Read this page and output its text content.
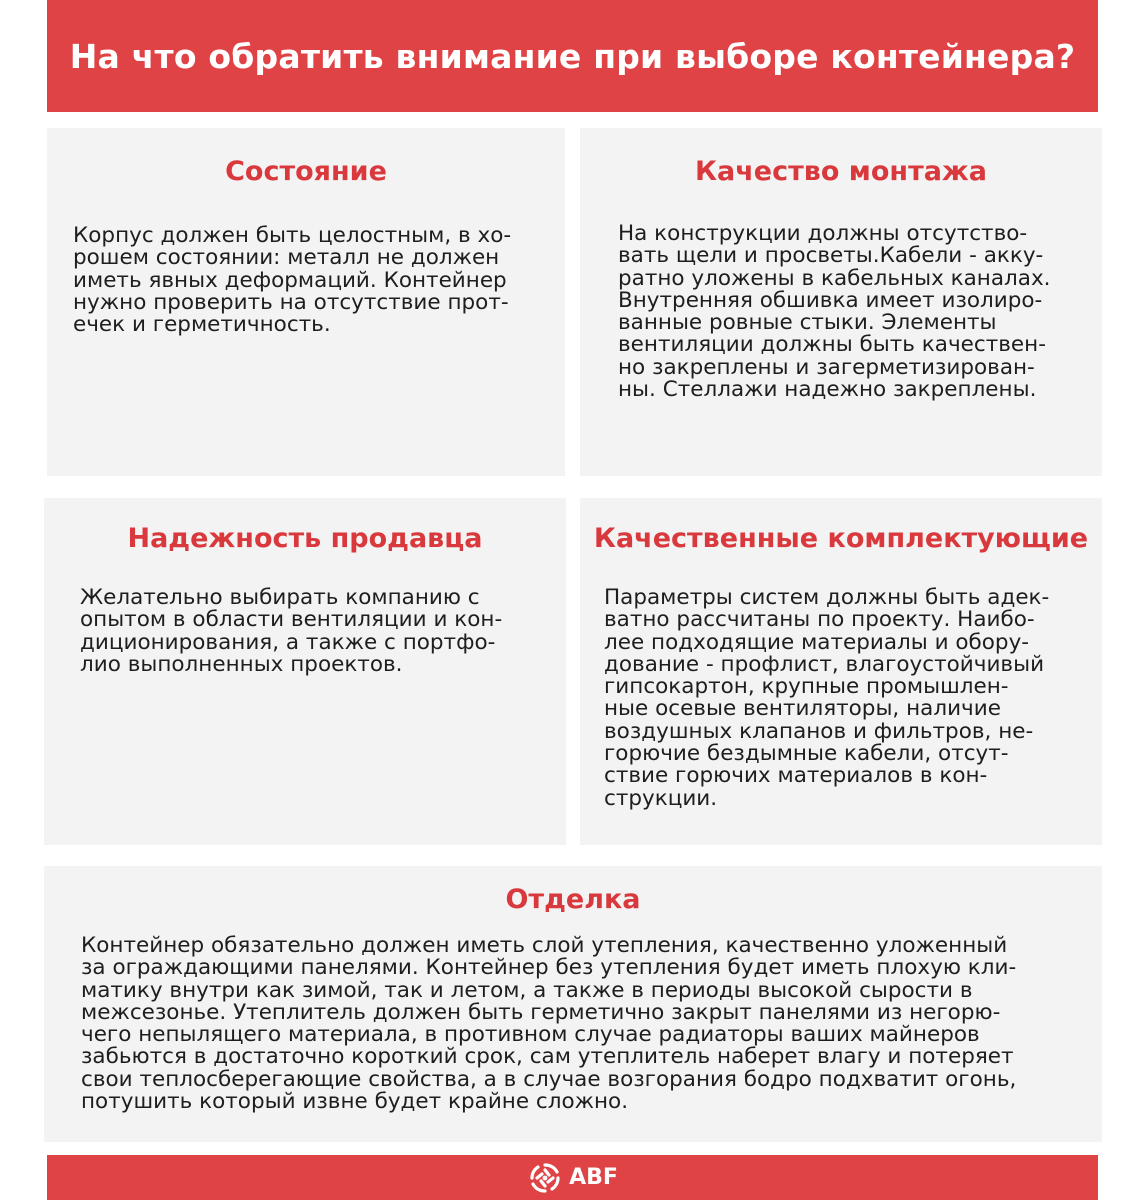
На что обратить внимание при выборе контейнера?
Состояние

Корпус должен быть целостным, в хо-
рошем состоянии: металл не должен
иметь явных деформаций. Контейнер
нужно проверить на отсутствие прот-
ечек и герметичность.

Качество монтажа

На конструкции должны отсутство-
вать щели и просветы.Кабели - акку-
ратно уложены в кабельных каналах.
Внутренняя обшивка имеет изолиро-
ванные ровные стыки. Элементы
вентиляции должны быть качествен-
но закреплены и загерметизирован-
ны. Стеллажи надежно закреплены.

Надежность продавца

Желательно выбирать компанию с
опытом в области вентиляции и кон-
диционирования, а также с портфо-
лио выполненных проектов.

Качественные комплектующие

Параметры систем должны быть адек-
ватно рассчитаны по проекту. Наибо-
лее подходящие материалы и обору-
дование - профлист, влагоустойчивый
гипсокартон, крупные промышлен-
ные осевые вентиляторы, наличие
воздушных клапанов и фильтров, не-
горючие бездымные кабели, отсут-
ствие горючих материалов в кон-
струкции.

Отделка

Контейнер обязательно должен иметь слой утепления, качественно уложенный
за ограждающими панелями. Контейнер без утепления будет иметь плохую кли-
матику внутри как зимой, так и летом, а также в периоды высокой сырости в
межсезонье. Утеплитель должен быть герметично закрыт панелями из негорю-
чего непылящего материала, в противном случае радиаторы ваших майнеров
забьются в достаточно короткий срок, сам утеплитель наберет влагу и потеряет
свои теплосберегающие свойства, а в случае возгорания бодро подхватит огонь,
потушить который извне будет крайне сложно.

ABF
